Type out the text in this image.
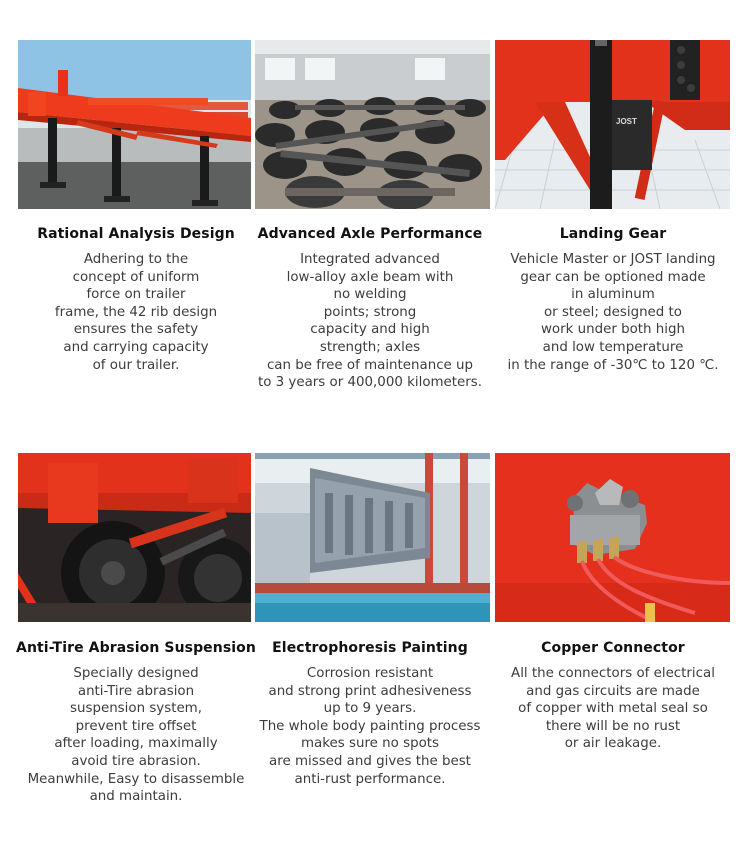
JOST
Rational Analysis Design

Adhering to the
concept of uniform
force on trailer
frame, the 42 rib design
ensures the safety
and carrying capacity
of our trailer.

Advanced Axle Performance

Integrated advanced
low-alloy axle beam with
no welding
points; strong
capacity and high
strength; axles
can be free of maintenance up
to 3 years or 400,000 kilometers.

Landing Gear

Vehicle Master or JOST landing
gear can be optioned made
in aluminum
or steel; designed to
work under both high
and low temperature
in the range of -30℃ to 120 ℃.

Anti-Tire Abrasion Suspension

Specially designed
anti-Tire abrasion
suspension system,
prevent tire offset
after loading, maximally
avoid tire abrasion.
Meanwhile, Easy to disassemble
and maintain.

Electrophoresis Painting

Corrosion resistant
and strong print adhesiveness
up to 9 years.
The whole body painting process
makes sure no spots
are missed and gives the best
anti-rust performance.

Copper Connector

All the connectors of electrical
and gas circuits are made
of copper with metal seal so
there will be no rust
or air leakage.
